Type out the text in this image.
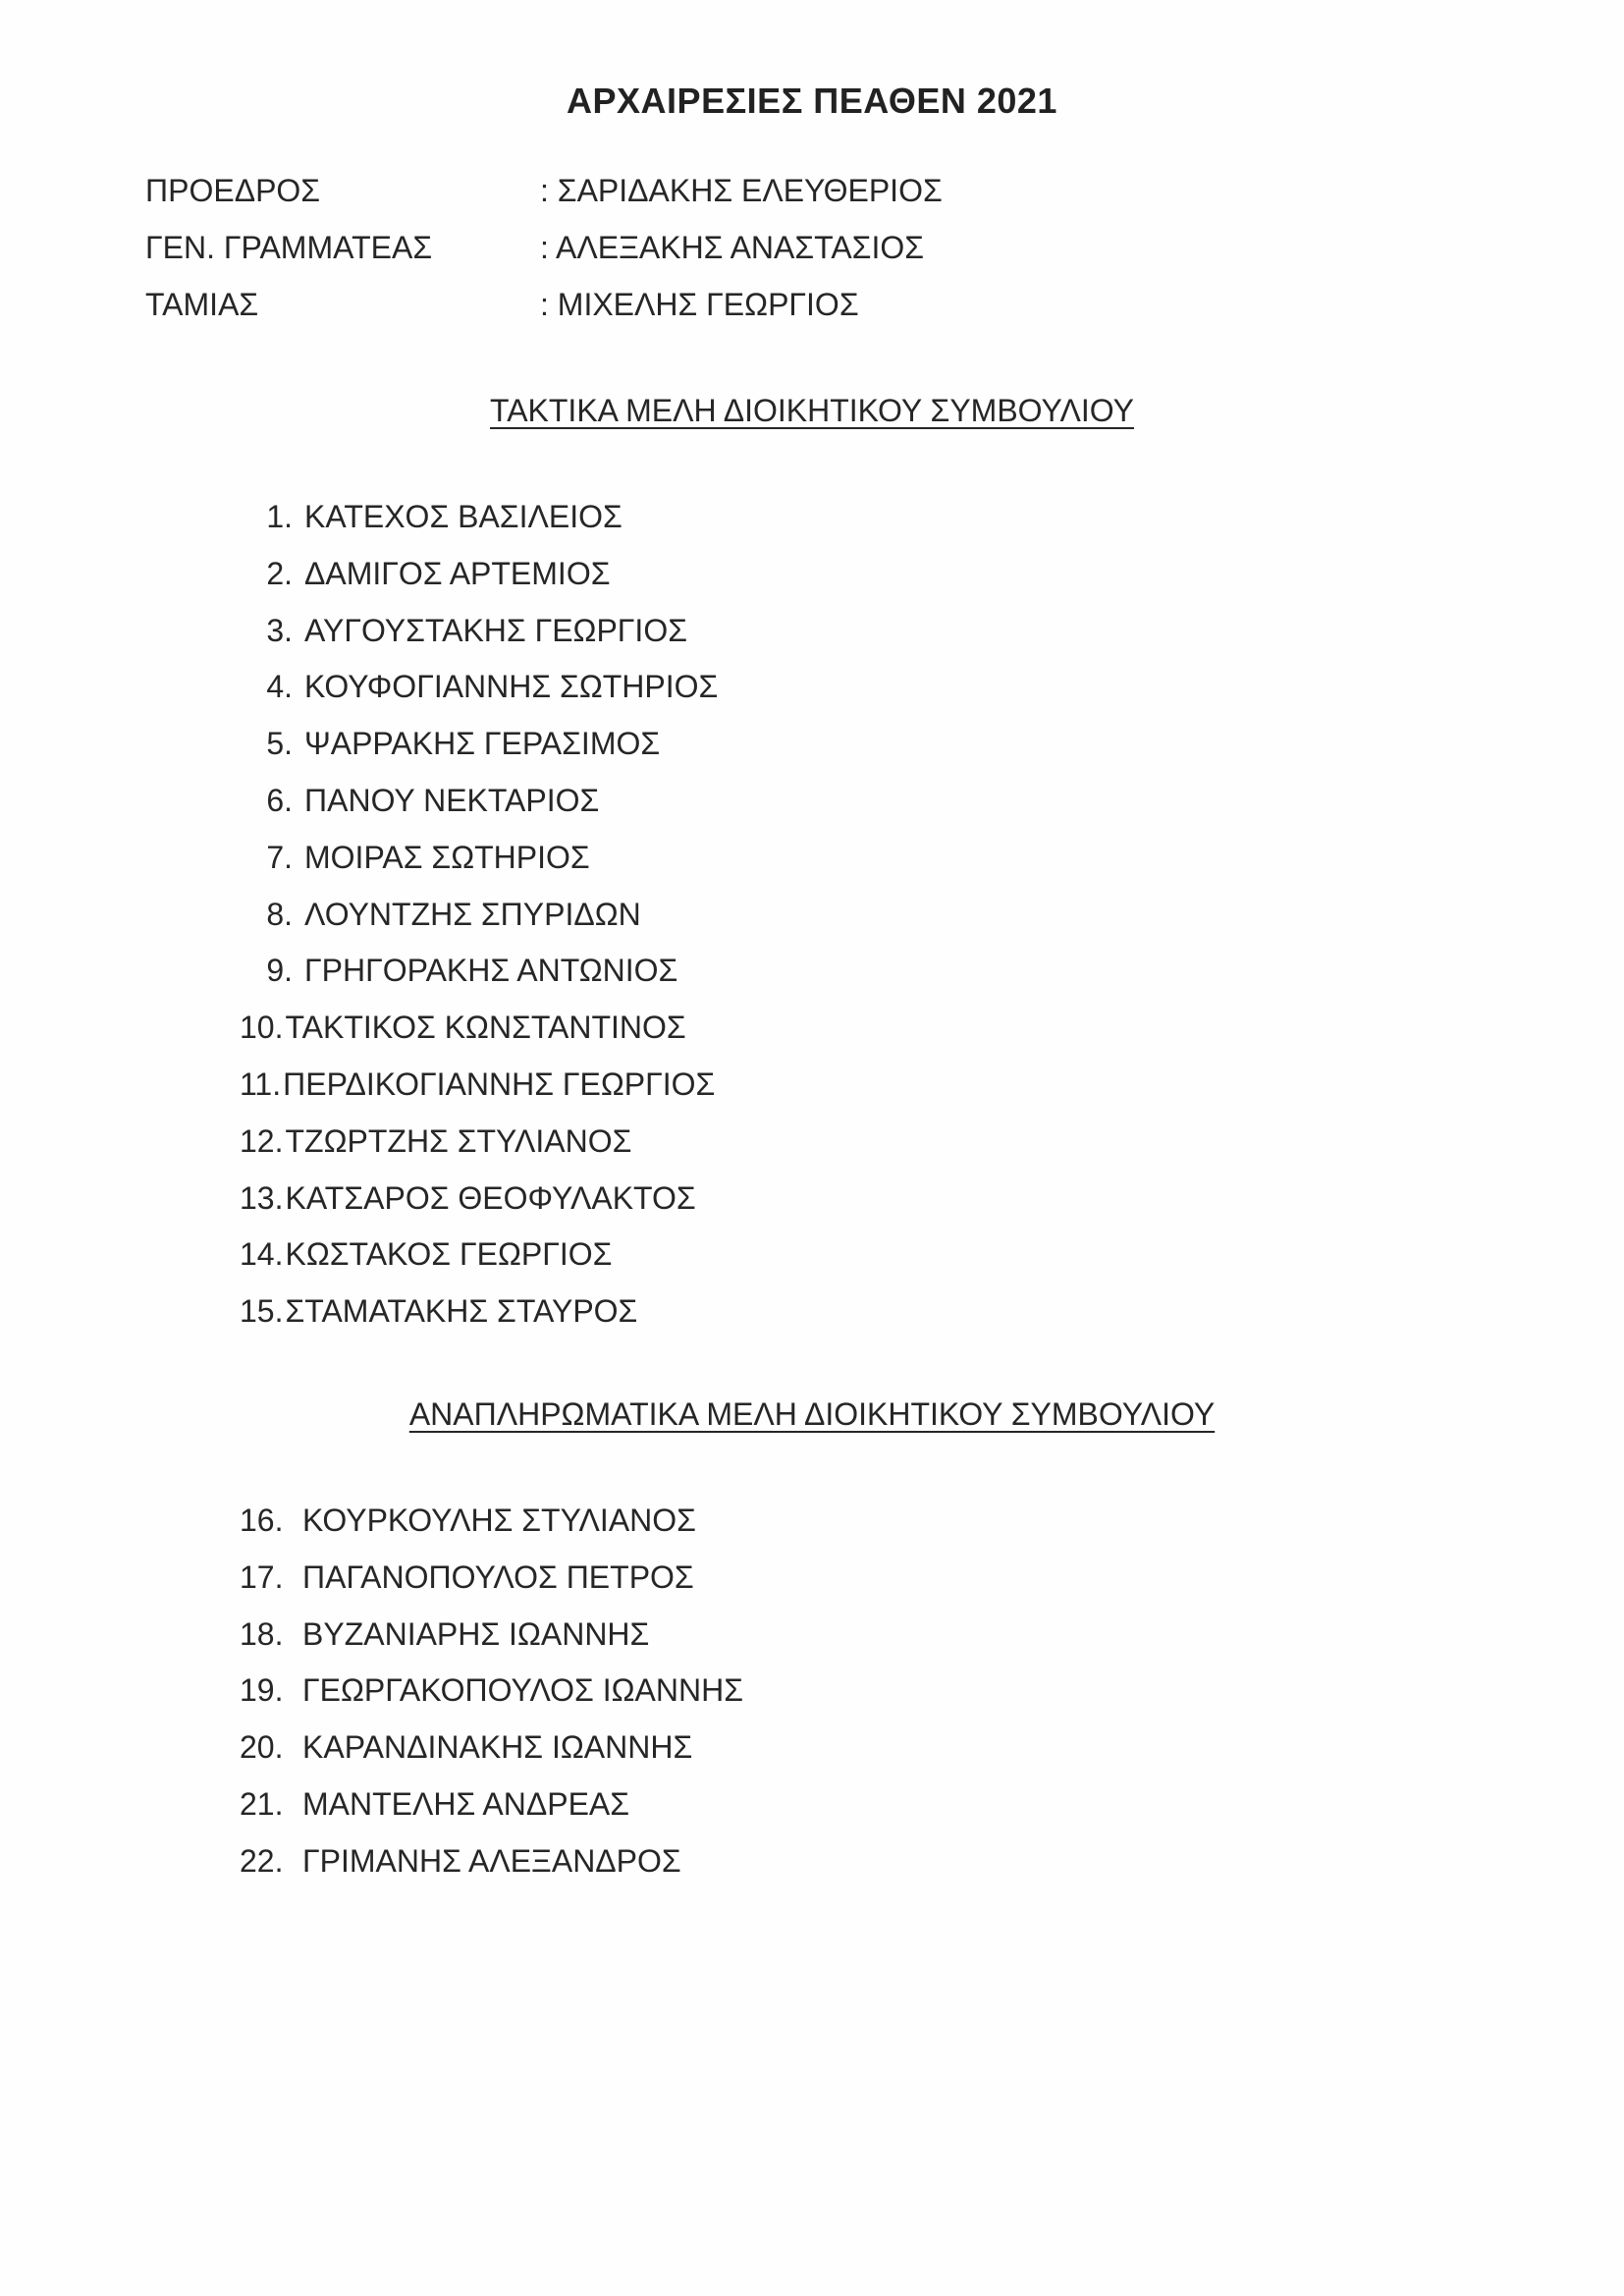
ΑΡΧΑΙΡΕΣΙΕΣ ΠΕΑΘΕΝ 2021
ΠΡΟΕΔΡΟΣ	: ΣΑΡΙΔΑΚΗΣ ΕΛΕΥΘΕΡΙΟΣ
ΓΕΝ. ΓΡΑΜΜΑΤΕΑΣ	: ΑΛΕΞΑΚΗΣ ΑΝΑΣΤΑΣΙΟΣ
ΤΑΜΙΑΣ	: ΜΙΧΕΛΗΣ ΓΕΩΡΓΙΟΣ
ΤΑΚΤΙΚΑ ΜΕΛΗ ΔΙΟΙΚΗΤΙΚΟΥ ΣΥΜΒΟΥΛΙΟΥ
1. ΚΑΤΕΧΟΣ ΒΑΣΙΛΕΙΟΣ
2. ΔΑΜΙΓΟΣ ΑΡΤΕΜΙΟΣ
3. ΑΥΓΟΥΣΤΑΚΗΣ ΓΕΩΡΓΙΟΣ
4. ΚΟΥΦΟΓΙΑΝΝΗΣ ΣΩΤΗΡΙΟΣ
5. ΨΑΡΡΑΚΗΣ ΓΕΡΑΣΙΜΟΣ
6. ΠΑΝΟΥ ΝΕΚΤΑΡΙΟΣ
7. ΜΟΙΡΑΣ ΣΩΤΗΡΙΟΣ
8. ΛΟΥΝΤΖΗΣ ΣΠΥΡΙΔΩΝ
9. ΓΡΗΓΟΡΑΚΗΣ ΑΝΤΩΝΙΟΣ
10.ΤΑΚΤΙΚΟΣ ΚΩΝΣΤΑΝΤΙΝΟΣ
11.ΠΕΡΔΙΚΟΓΙΑΝΝΗΣ ΓΕΩΡΓΙΟΣ
12.ΤΖΩΡΤΖΗΣ ΣΤΥΛΙΑΝΟΣ
13.ΚΑΤΣΑΡΟΣ ΘΕΟΦΥΛΑΚΤΟΣ
14.ΚΩΣΤΑΚΟΣ ΓΕΩΡΓΙΟΣ
15.ΣΤΑΜΑΤΑΚΗΣ ΣΤΑΥΡΟΣ
ΑΝΑΠΛΗΡΩΜΑΤΙΚΑ ΜΕΛΗ ΔΙΟΙΚΗΤΙΚΟΥ ΣΥΜΒΟΥΛΙΟΥ
16. ΚΟΥΡΚΟΥΛΗΣ ΣΤΥΛΙΑΝΟΣ
17. ΠΑΓΑΝΟΠΟΥΛΟΣ ΠΕΤΡΟΣ
18. ΒΥΖΑΝΙΑΡΗΣ ΙΩΑΝΝΗΣ
19. ΓΕΩΡΓΑΚΟΠΟΥΛΟΣ ΙΩΑΝΝΗΣ
20. ΚΑΡΑΝΔΙΝΑΚΗΣ ΙΩΑΝΝΗΣ
21. ΜΑΝΤΕΛΗΣ ΑΝΔΡΕΑΣ
22. ΓΡΙΜΑΝΗΣ ΑΛΕΞΑΝΔΡΟΣ
